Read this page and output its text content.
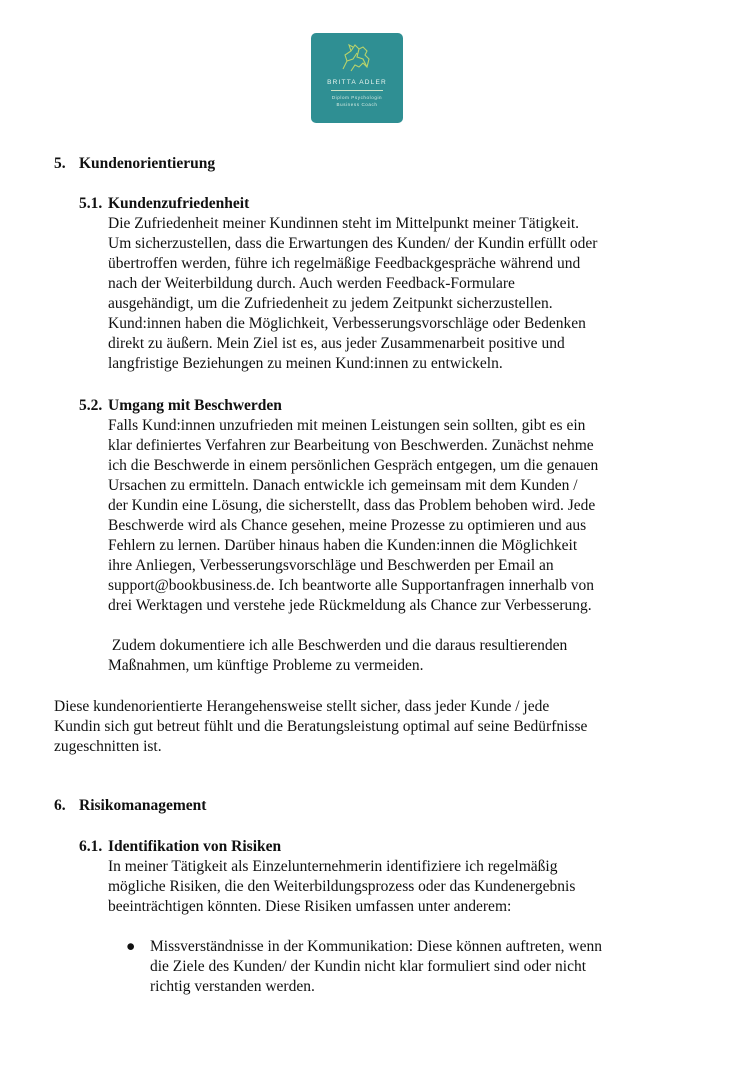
BRITTA ADLER
Diplom Psychologin
Business Coach
5. Kundenorientierung
5.1. Kundenzufriedenheit

Die Zufriedenheit meiner Kundinnen steht im Mittelpunkt meiner Tätigkeit.

Um sicherzustellen, dass die Erwartungen des Kunden/ der Kundin erfüllt oder

übertroffen werden, führe ich regelmäßige Feedbackgespräche während und

nach der Weiterbildung durch. Auch werden Feedback-Formulare

ausgehändigt, um die Zufriedenheit zu jedem Zeitpunkt sicherzustellen.

Kund:innen haben die Möglichkeit, Verbesserungsvorschläge oder Bedenken

direkt zu äußern. Mein Ziel ist es, aus jeder Zusammenarbeit positive und

langfristige Beziehungen zu meinen Kund:innen zu entwickeln.

5.2. Umgang mit Beschwerden

Falls Kund:innen unzufrieden mit meinen Leistungen sein sollten, gibt es ein

klar definiertes Verfahren zur Bearbeitung von Beschwerden. Zunächst nehme

ich die Beschwerde in einem persönlichen Gespräch entgegen, um die genauen

Ursachen zu ermitteln. Danach entwickle ich gemeinsam mit dem Kunden /

der Kundin eine Lösung, die sicherstellt, dass das Problem behoben wird. Jede

Beschwerde wird als Chance gesehen, meine Prozesse zu optimieren und aus

Fehlern zu lernen. Darüber hinaus haben die Kunden:innen die Möglichkeit

ihre Anliegen, Verbesserungsvorschläge und Beschwerden per Email an

support@bookbusiness.de. Ich beantworte alle Supportanfragen innerhalb von

drei Werktagen und verstehe jede Rückmeldung als Chance zur Verbesserung.

Zudem dokumentiere ich alle Beschwerden und die daraus resultierenden

Maßnahmen, um künftige Probleme zu vermeiden.

Diese kundenorientierte Herangehensweise stellt sicher, dass jeder Kunde / jede

Kundin sich gut betreut fühlt und die Beratungsleistung optimal auf seine Bedürfnisse

zugeschnitten ist.

6. Risikomanagement
6.1. Identifikation von Risiken

In meiner Tätigkeit als Einzelunternehmerin identifiziere ich regelmäßig

mögliche Risiken, die den Weiterbildungsprozess oder das Kundenergebnis

beeinträchtigen könnten. Diese Risiken umfassen unter anderem:

● Missverständnisse in der Kommunikation: Diese können auftreten, wenn

die Ziele des Kunden/ der Kundin nicht klar formuliert sind oder nicht

richtig verstanden werden.
